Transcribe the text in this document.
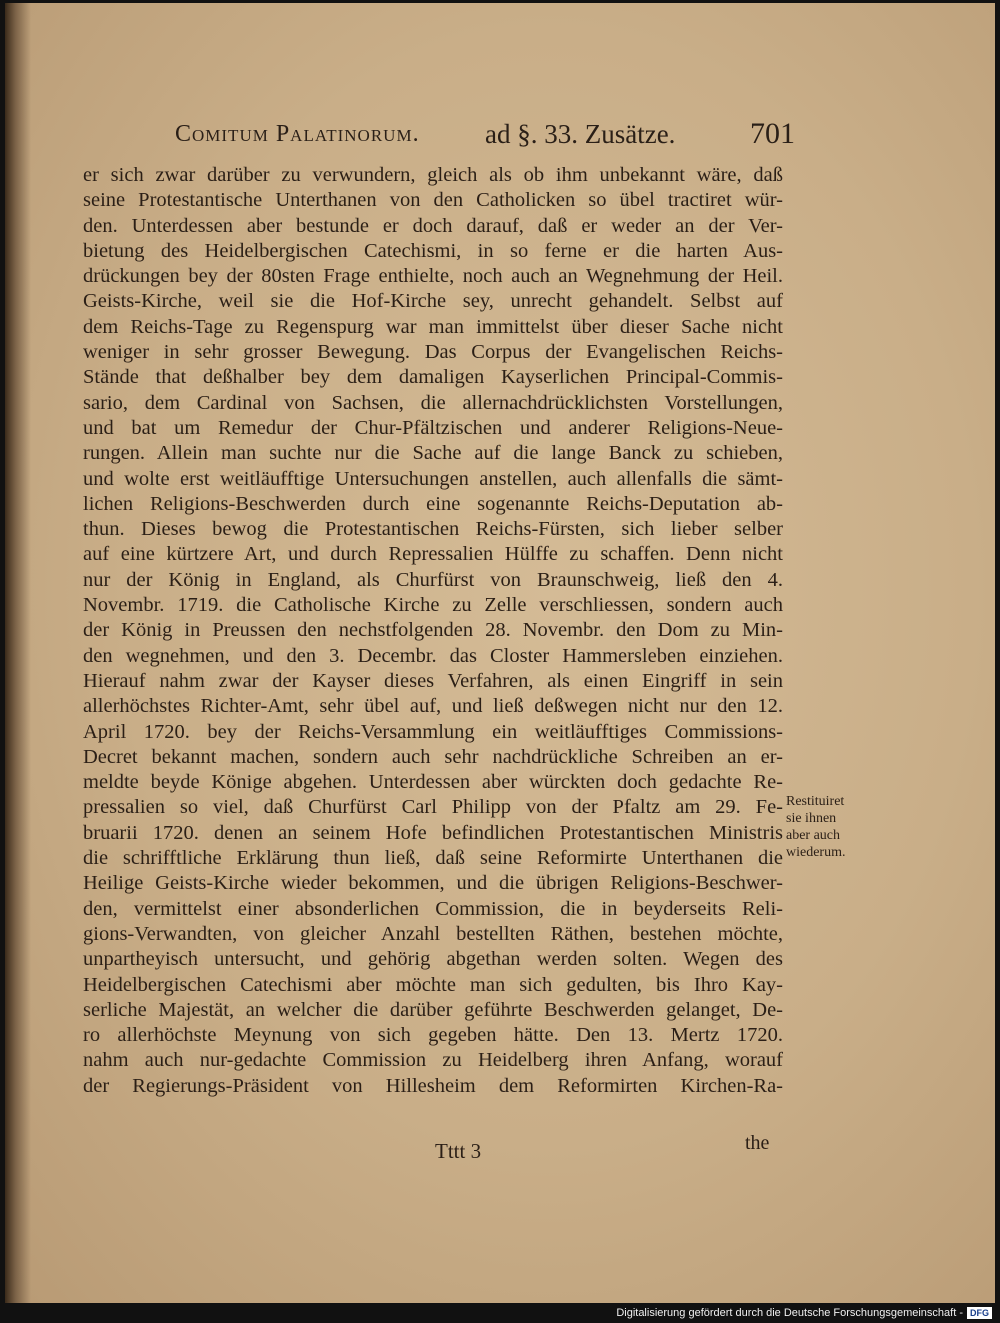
Comitum Palatinorum. ad §. 33. Zusätze. 701
er sich zwar darüber zu verwundern, gleich als ob ihm unbekannt wäre, daß
seine Protestantische Unterthanen von den Catholicken so übel tractiret wür-
den. Unterdessen aber bestunde er doch darauf, daß er weder an der Ver-
bietung des Heidelbergischen Catechismi, in so ferne er die harten Aus-
drückungen bey der 80sten Frage enthielte, noch auch an Wegnehmung der Heil.
Geists-Kirche, weil sie die Hof-Kirche sey, unrecht gehandelt. Selbst auf
dem Reichs-Tage zu Regenspurg war man immittelst über dieser Sache nicht
weniger in sehr grosser Bewegung. Das Corpus der Evangelischen Reichs-
Stände that deßhalber bey dem damaligen Kayserlichen Principal-Commis-
sario, dem Cardinal von Sachsen, die allernachdrücklichsten Vorstellungen,
und bat um Remedur der Chur-Pfältzischen und anderer Religions-Neue-
rungen. Allein man suchte nur die Sache auf die lange Banck zu schieben,
und wolte erst weitläufftige Untersuchungen anstellen, auch allenfalls die sämt-
lichen Religions-Beschwerden durch eine sogenannte Reichs-Deputation ab-
thun. Dieses bewog die Protestantischen Reichs-Fürsten, sich lieber selber
auf eine kürtzere Art, und durch Repressalien Hülffe zu schaffen. Denn nicht
nur der König in England, als Churfürst von Braunschweig, ließ den 4.
Novembr. 1719. die Catholische Kirche zu Zelle verschliessen, sondern auch
der König in Preussen den nechstfolgenden 28. Novembr. den Dom zu Min-
den wegnehmen, und den 3. Decembr. das Closter Hammersleben einziehen.
Hierauf nahm zwar der Kayser dieses Verfahren, als einen Eingriff in sein
allerhöchstes Richter-Amt, sehr übel auf, und ließ deßwegen nicht nur den 12.
April 1720. bey der Reichs-Versammlung ein weitläufftiges Commissions-
Decret bekannt machen, sondern auch sehr nachdrückliche Schreiben an er-
meldte beyde Könige abgehen. Unterdessen aber würckten doch gedachte Re-
pressalien so viel, daß Churfürst Carl Philipp von der Pfaltz am 29. Fe-
bruarii 1720. denen an seinem Hofe befindlichen Protestantischen Ministris
die schrifftliche Erklärung thun ließ, daß seine Reformirte Unterthanen die
Heilige Geists-Kirche wieder bekommen, und die übrigen Religions-Beschwer-
den, vermittelst einer absonderlichen Commission, die in beyderseits Reli-
gions-Verwandten, von gleicher Anzahl bestellten Räthen, bestehen möchte,
unpartheyisch untersucht, und gehörig abgethan werden solten. Wegen des
Heidelbergischen Catechismi aber möchte man sich gedulten, bis Ihro Kay-
serliche Majestät, an welcher die darüber geführte Beschwerden gelanget, De-
ro allerhöchste Meynung von sich gegeben hätte. Den 13. Mertz 1720.
nahm auch nur-gedachte Commission zu Heidelberg ihren Anfang, worauf
der Regierungs-Präsident von Hillesheim dem Reformirten Kirchen-Ra-
Restituiret
sie ihnen
aber auch
wiederum.
Tttt 3	the
Digitalisierung gefördert durch die Deutsche Forschungsgemeinschaft - DFG
